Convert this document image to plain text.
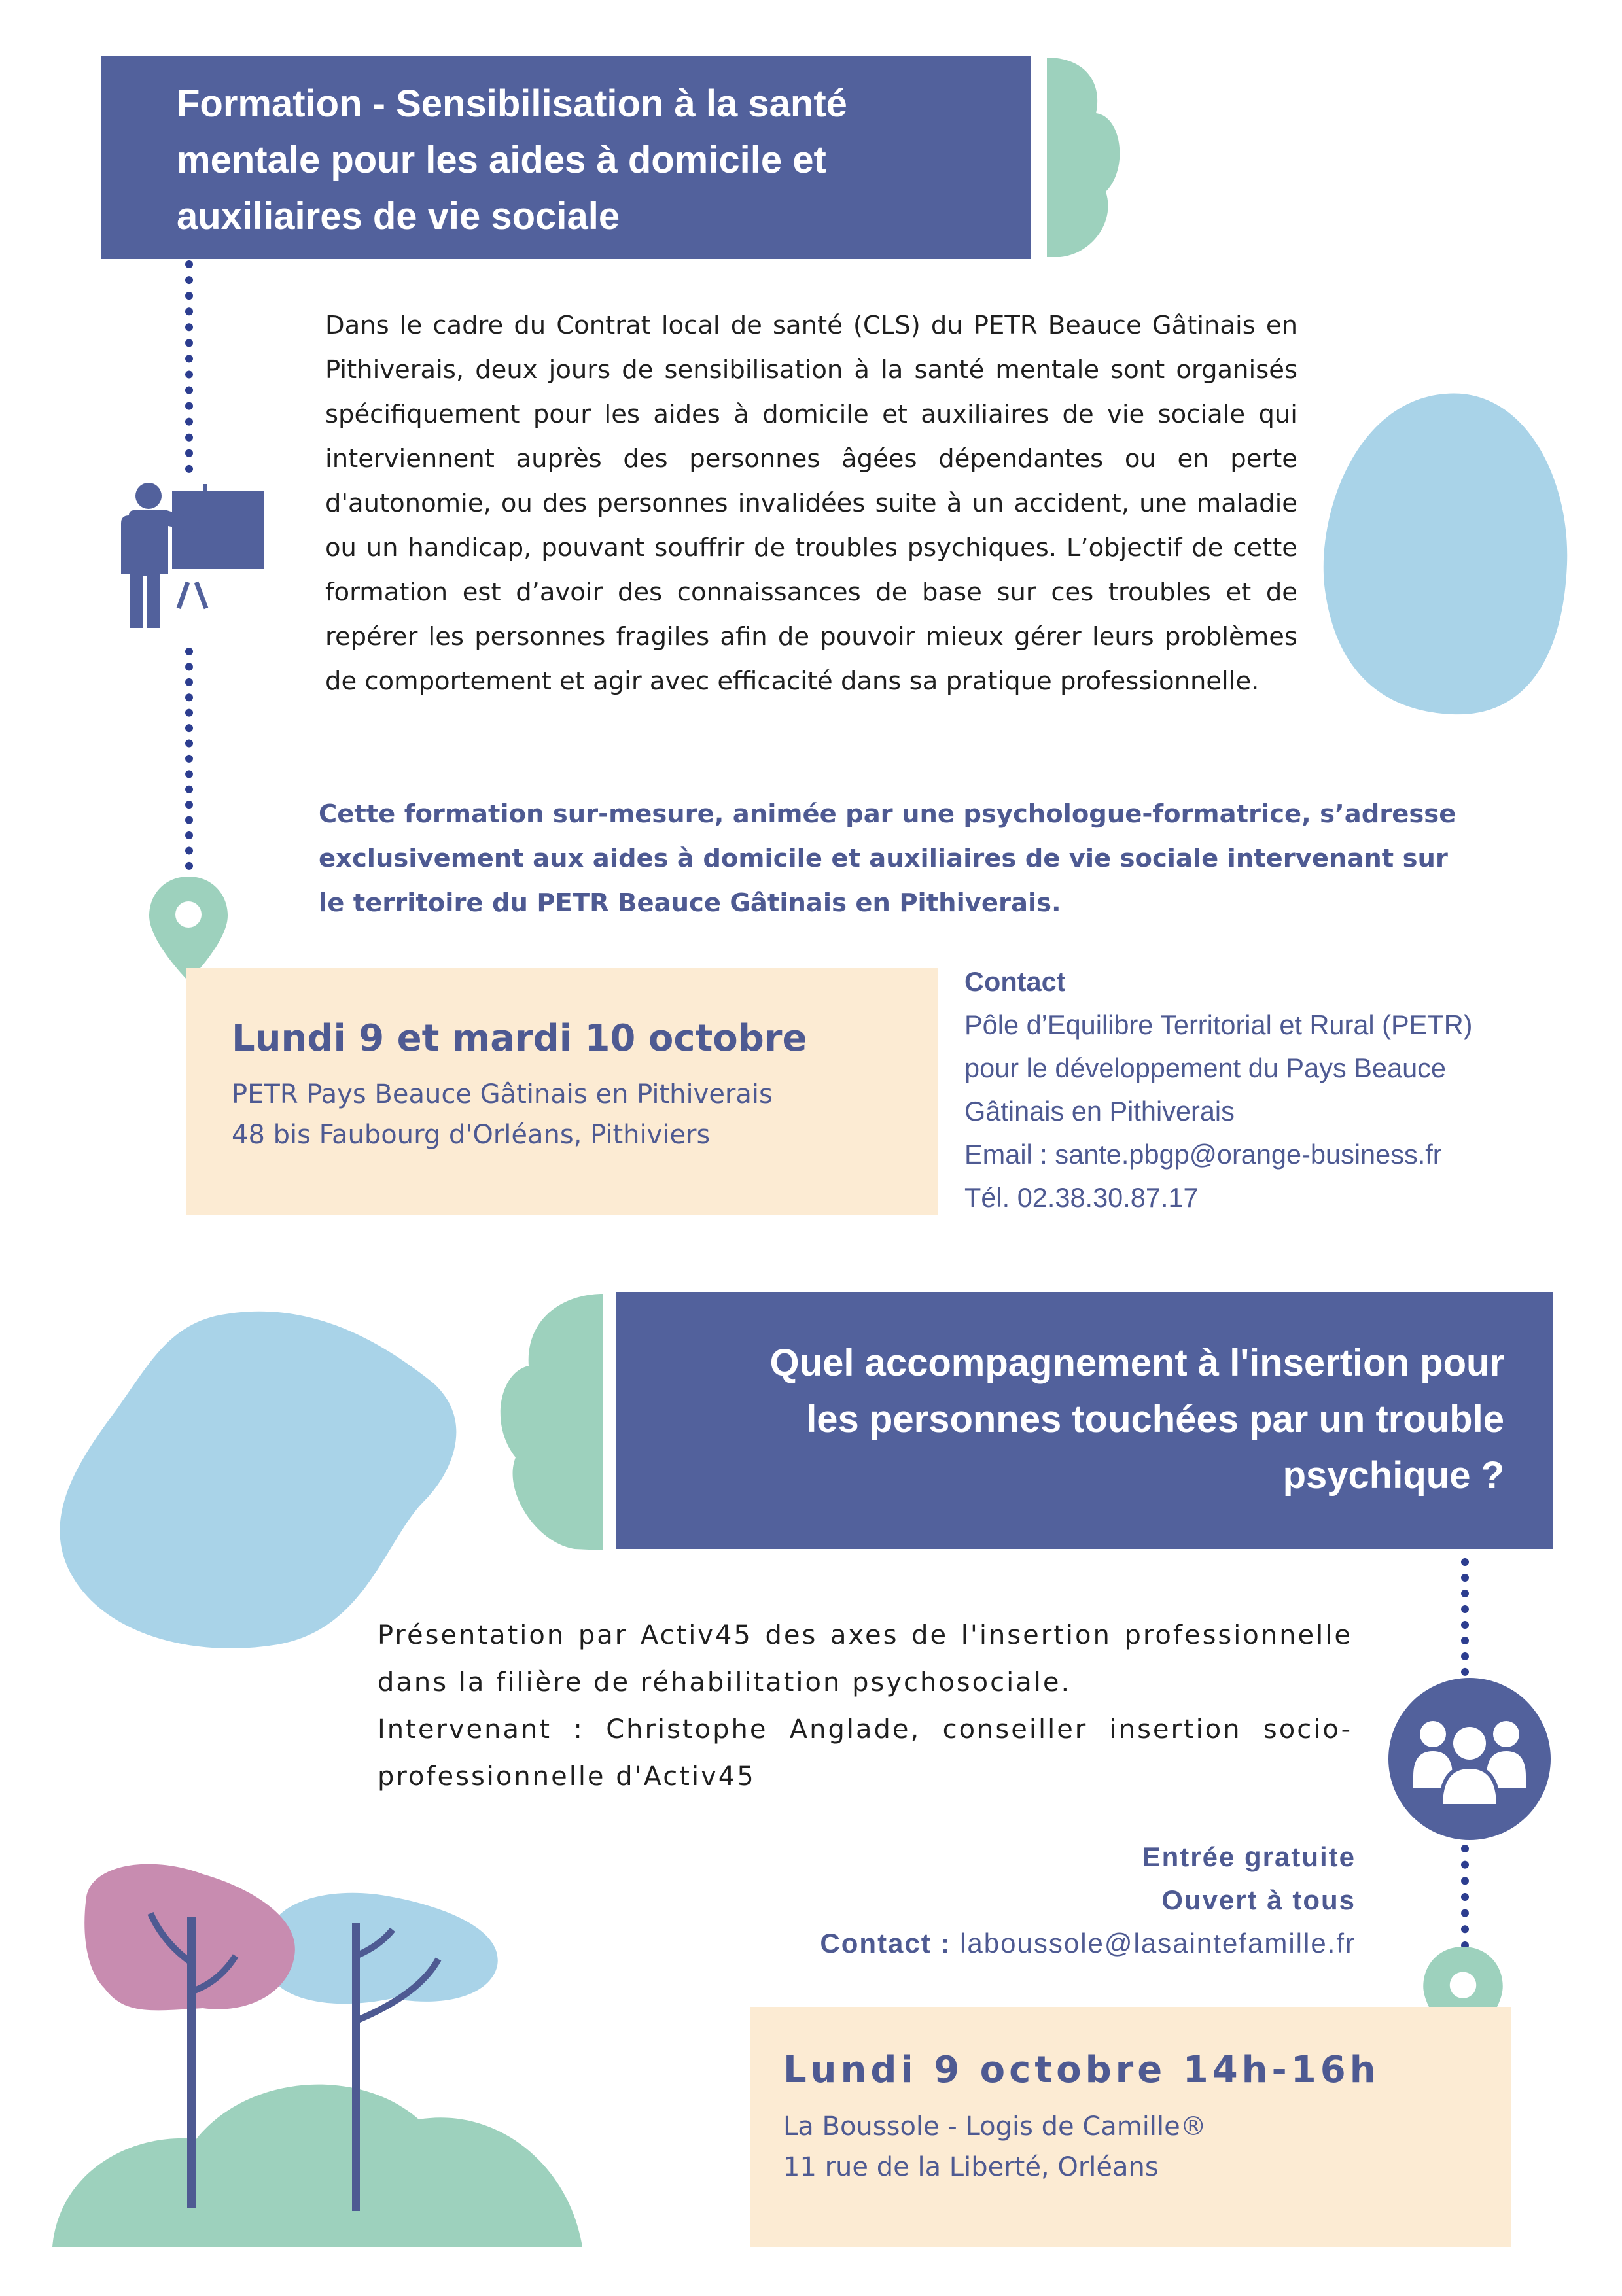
Formation - Sensibilisation à la santé
mentale pour les aides à domicile et
auxiliaires de vie sociale
Dans le cadre du Contrat local de santé (CLS) du PETR Beauce Gâtinais en Pithiverais, deux jours de sensibilisation à la santé mentale sont organisés spécifiquement pour les aides à domicile et auxiliaires de vie sociale qui interviennent auprès des personnes âgées dépendantes ou en perte d'autonomie, ou des personnes invalidées suite à un accident, une maladie ou un handicap, pouvant souffrir de troubles psychiques. L’objectif de cette formation est d’avoir des connaissances de base sur ces troubles et de repérer les personnes fragiles afin de pouvoir mieux gérer leurs problèmes de comportement et agir avec efficacité dans sa pratique professionnelle.
Cette formation sur-mesure, animée par une psychologue-formatrice, s’adresse exclusivement aux aides à domicile et auxiliaires de vie sociale intervenant sur le territoire du PETR Beauce Gâtinais en Pithiverais.
Lundi 9 et mardi 10 octobre
PETR Pays Beauce Gâtinais en Pithiverais
48 bis Faubourg d'Orléans, Pithiviers
Contact
Pôle d’Equilibre Territorial et Rural (PETR)
pour le développement du Pays Beauce
Gâtinais en Pithiverais
Email : sante.pbgp@orange-business.fr
Tél. 02.38.30.87.17
Quel accompagnement à l'insertion pour
les personnes touchées par un trouble
psychique ?
Présentation par Activ45 des axes de l'insertion professionnelle dans la filière de réhabilitation psychosociale.
Intervenant : Christophe Anglade, conseiller insertion socio-professionnelle d'Activ45
Entrée gratuite
Ouvert à tous
Contact : laboussole@lasaintefamille.fr
Lundi 9 octobre 14h-16h
La Boussole - Logis de Camille®
11 rue de la Liberté, Orléans
